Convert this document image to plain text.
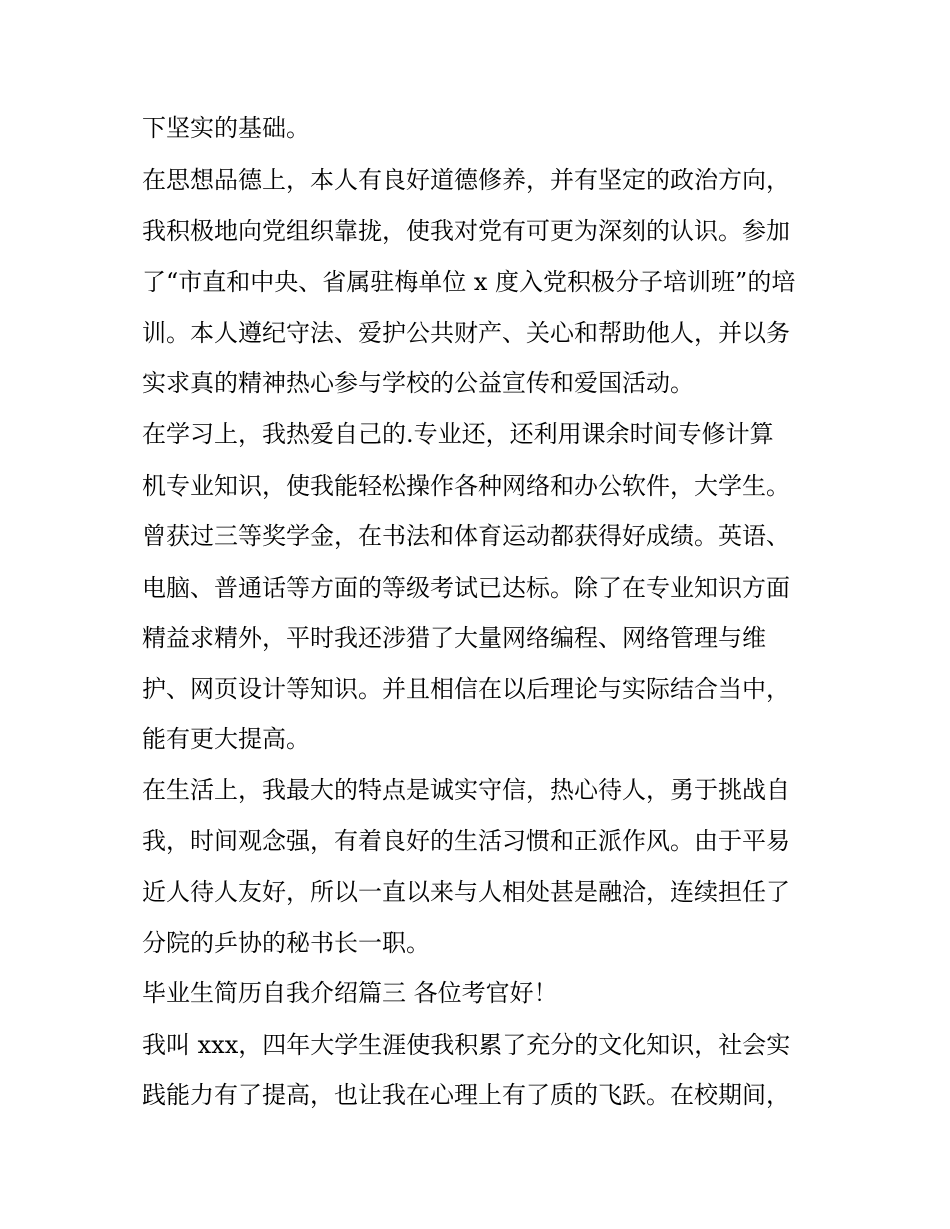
下坚实的基础。

在思想品德上，本人有良好道德修养，并有坚定的政治方向，

我积极地向党组织靠拢，使我对党有可更为深刻的认识。参加

了“市直和中央、省属驻梅单位 x 度入党积极分子培训班”的培

训。本人遵纪守法、爱护公共财产、关心和帮助他人，并以务

实求真的精神热心参与学校的公益宣传和爱国活动。

在学习上，我热爱自己的.专业还，还利用课余时间专修计算

机专业知识，使我能轻松操作各种网络和办公软件，大学生。

曾获过三等奖学金，在书法和体育运动都获得好成绩。英语、

电脑、普通话等方面的等级考试已达标。除了在专业知识方面

精益求精外，平时我还涉猎了大量网络编程、网络管理与维

护、网页设计等知识。并且相信在以后理论与实际结合当中，

能有更大提高。

在生活上，我最大的特点是诚实守信，热心待人，勇于挑战自

我，时间观念强，有着良好的生活习惯和正派作风。由于平易

近人待人友好，所以一直以来与人相处甚是融洽，连续担任了

分院的乒协的秘书长一职。

毕业生简历自我介绍篇三 各位考官好！

我叫 xxx，四年大学生涯使我积累了充分的文化知识，社会实

践能力有了提高，也让我在心理上有了质的飞跃。在校期间，
